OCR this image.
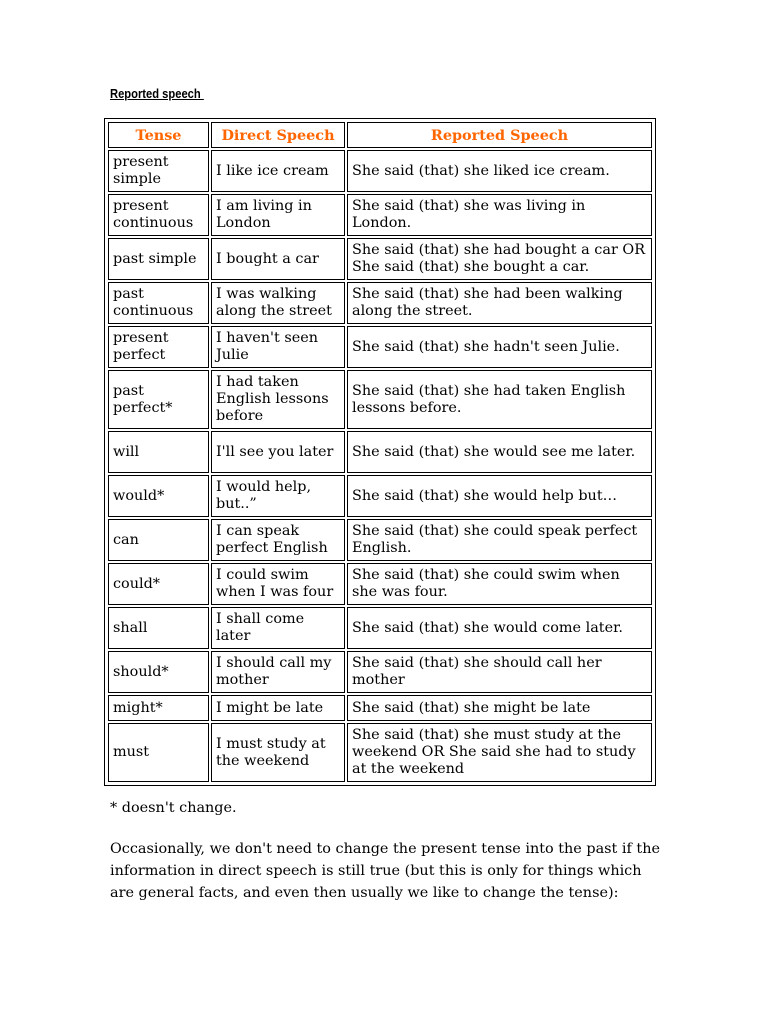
Reported speech
Tense	Direct Speech	Reported Speech
present simple	I like ice cream	She said (that) she liked ice cream.
present continuous	I am living in London	She said (that) she was living in London.
past simple	I bought a car	She said (that) she had bought a car OR She said (that) she bought a car.
past continuous	I was walking along the street	She said (that) she had been walking along the street.
present perfect	I haven't seen Julie	She said (that) she hadn't seen Julie.
past perfect*	I had taken English lessons before	She said (that) she had taken English lessons before.
will	I'll see you later	She said (that) she would see me later.
would*	I would help, but..”	She said (that) she would help but…
can	I can speak perfect English	She said (that) she could speak perfect English.
could*	I could swim when I was four	She said (that) she could swim when she was four.
shall	I shall come later	She said (that) she would come later.
should*	I should call my mother	She said (that) she should call her mother
might*	I might be late	She said (that) she might be late
must	I must study at the weekend	She said (that) she must study at the weekend OR She said she had to study at the weekend
* doesn't change.
Occasionally, we don't need to change the present tense into the past if the information in direct speech is still true (but this is only for things which are general facts, and even then usually we like to change the tense):
